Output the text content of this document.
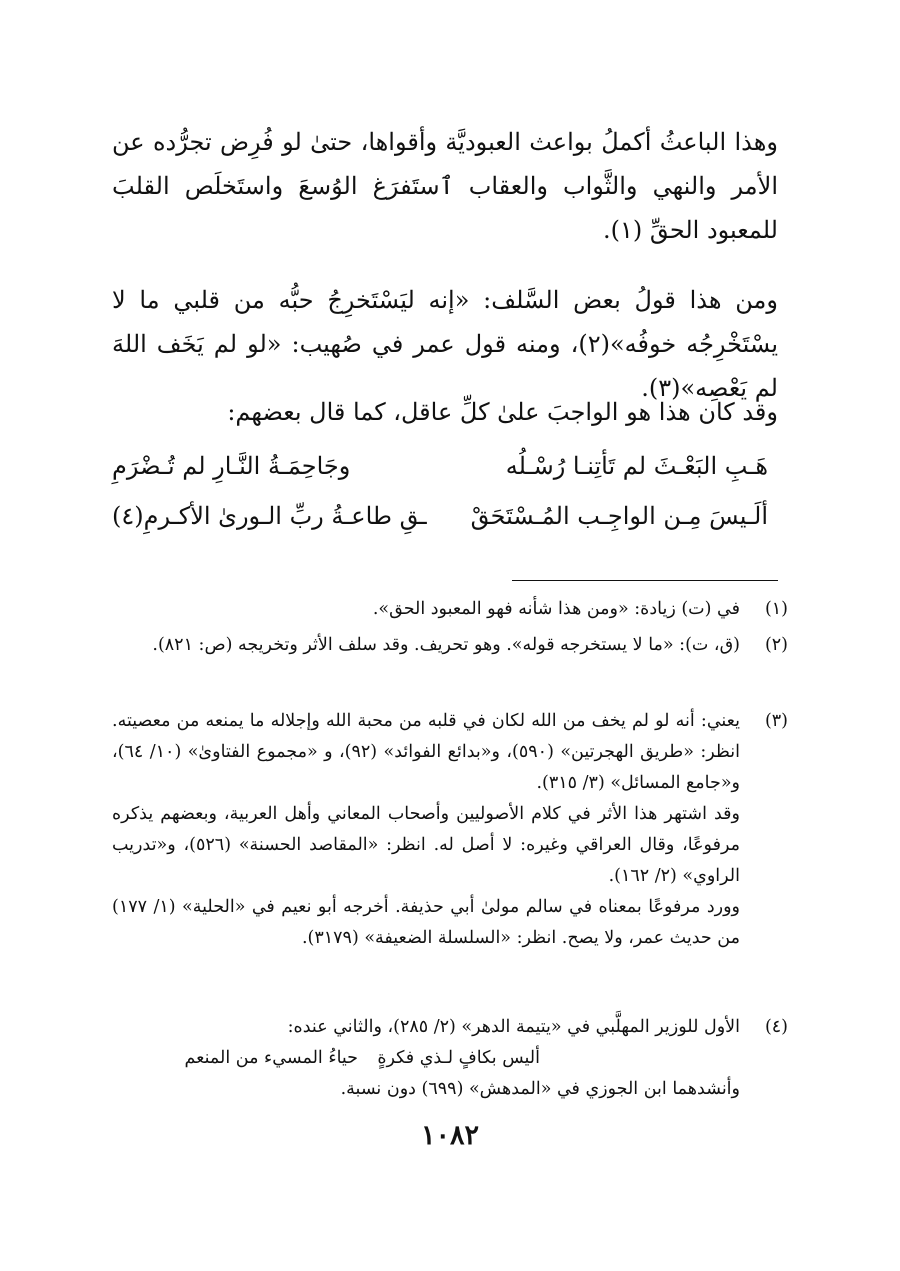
وهذا الباعثُ أكملُ بواعث العبوديَّة وأقواها، حتىٰ لو فُرِض تجرُّده عن الأمر والنهي والثَّواب والعقاب ٱستَفرَغ الوُسعَ واستَخلَص القلبَ للمعبود الحقِّ (١).

ومن هذا قولُ بعض السَّلف: «إنه ليَسْتَخرِجُ حبُّه من قلبي ما لا يسْتَخْرِجُه خوفُه»(٢)، ومنه قول عمر في صُهيب: «لو لم يَخَف اللهَ لم يَعْصِه»(٣).

وقد كان هذا هو الواجبَ علىٰ كلِّ عاقل، كما قال بعضهم:

هَـبِ البَعْـثَ لم تَأتِنـا رُسْـلُه
وجَاحِمَـةُ النَّـارِ لم تُـضْرَمِ
ألَـيسَ مِـن الواجِـب المُـسْتَحَقْ
ـقِ طاعـةُ ربِّ الـورىٰ الأكـرمِ(٤)
(١)

في (ت) زيادة: «ومن هذا شأنه فهو المعبود الحق».

(٢)

(ق، ت): «ما لا يستخرجه قوله». وهو تحريف. وقد سلف الأثر وتخريجه (ص: ٨٢١).

(٣)

يعني: أنه لو لم يخف من الله لكان في قلبه من محبة الله وإجلاله ما يمنعه من معصيته. انظر: «طريق الهجرتين» (٥٩٠)، و«بدائع الفوائد» (٩٢)، و «مجموع الفتاوىٰ» (١٠/ ٦٤)، و«جامع المسائل» (٣/ ٣١٥).

وقد اشتهر هذا الأثر في كلام الأصوليين وأصحاب المعاني وأهل العربية، وبعضهم يذكره مرفوعًا، وقال العراقي وغيره: لا أصل له. انظر: «المقاصد الحسنة» (٥٢٦)، و«تدريب الراوي» (٢/ ١٦٢).

وورد مرفوعًا بمعناه في سالم مولىٰ أبي حذيفة. أخرجه أبو نعيم في «الحلية» (١/ ١٧٧) من حديث عمر، ولا يصح. انظر: «السلسلة الضعيفة» (٣١٧٩).

(٤)

الأول للوزير المهلَّبي في «يتيمة الدهر» (٢/ ٢٨٥)، والثاني عنده:

أليس بكافٍ لـذي فكرةٍ
حياءُ المسيء من المنعم

وأنشدهما ابن الجوزي في «المدهش» (٦٩٩) دون نسبة.

١٠٨٢
